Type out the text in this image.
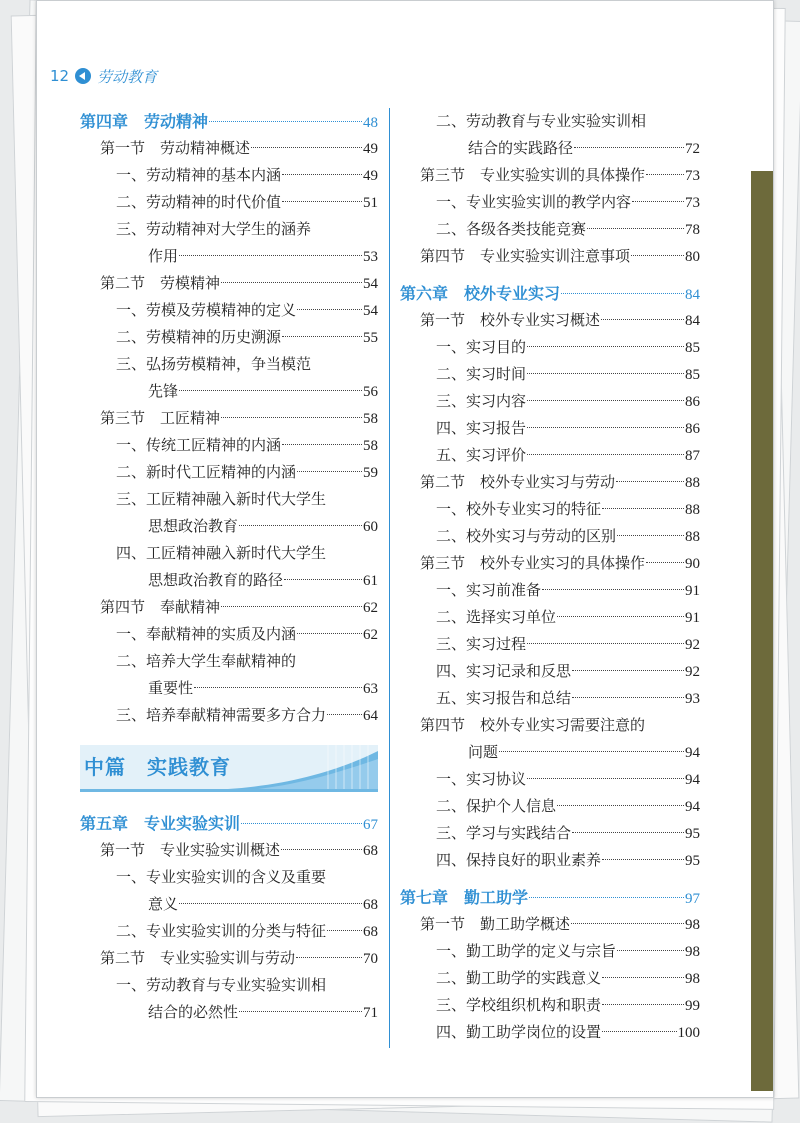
12 劳动教育
第四章　劳动精神	48
第一节　劳动精神概述	49
一、劳动精神的基本内涵	49
二、劳动精神的时代价值	51
三、劳动精神对大学生的涵养
作用	53
第二节　劳模精神	54
一、劳模及劳模精神的定义	54
二、劳模精神的历史溯源	55
三、弘扬劳模精神，争当模范
先锋	56
第三节　工匠精神	58
一、传统工匠精神的内涵	58
二、新时代工匠精神的内涵	59
三、工匠精神融入新时代大学生
思想政治教育	60
四、工匠精神融入新时代大学生
思想政治教育的路径	61
第四节　奉献精神	62
一、奉献精神的实质及内涵	62
二、培养大学生奉献精神的
重要性	63
三、培养奉献精神需要多方合力 64
中篇　实践教育
第五章　专业实验实训	67
第一节　专业实验实训概述	68
一、专业实验实训的含义及重要
意义	68
二、专业实验实训的分类与特征 68
第二节　专业实验实训与劳动	70
一、劳动教育与专业实验实训相
结合的必然性	71
二、劳动教育与专业实验实训相
结合的实践路径	72
第三节　专业实验实训的具体操作	73
一、专业实验实训的教学内容	73
二、各级各类技能竞赛	78
第四节　专业实验实训注意事项	80
第六章　校外专业实习	84
第一节　校外专业实习概述	84
一、实习目的	85
二、实习时间	85
三、实习内容	86
四、实习报告	86
五、实习评价	87
第二节　校外专业实习与劳动	88
一、校外专业实习的特征	88
二、校外实习与劳动的区别	88
第三节　校外专业实习的具体操作	90
一、实习前准备	91
二、选择实习单位	91
三、实习过程	92
四、实习记录和反思	92
五、实习报告和总结	93
第四节　校外专业实习需要注意的
问题	94
一、实习协议	94
二、保护个人信息	94
三、学习与实践结合	95
四、保持良好的职业素养	95
第七章　勤工助学	97
第一节　勤工助学概述	98
一、勤工助学的定义与宗旨	98
二、勤工助学的实践意义	98
三、学校组织机构和职责	99
四、勤工助学岗位的设置	100
